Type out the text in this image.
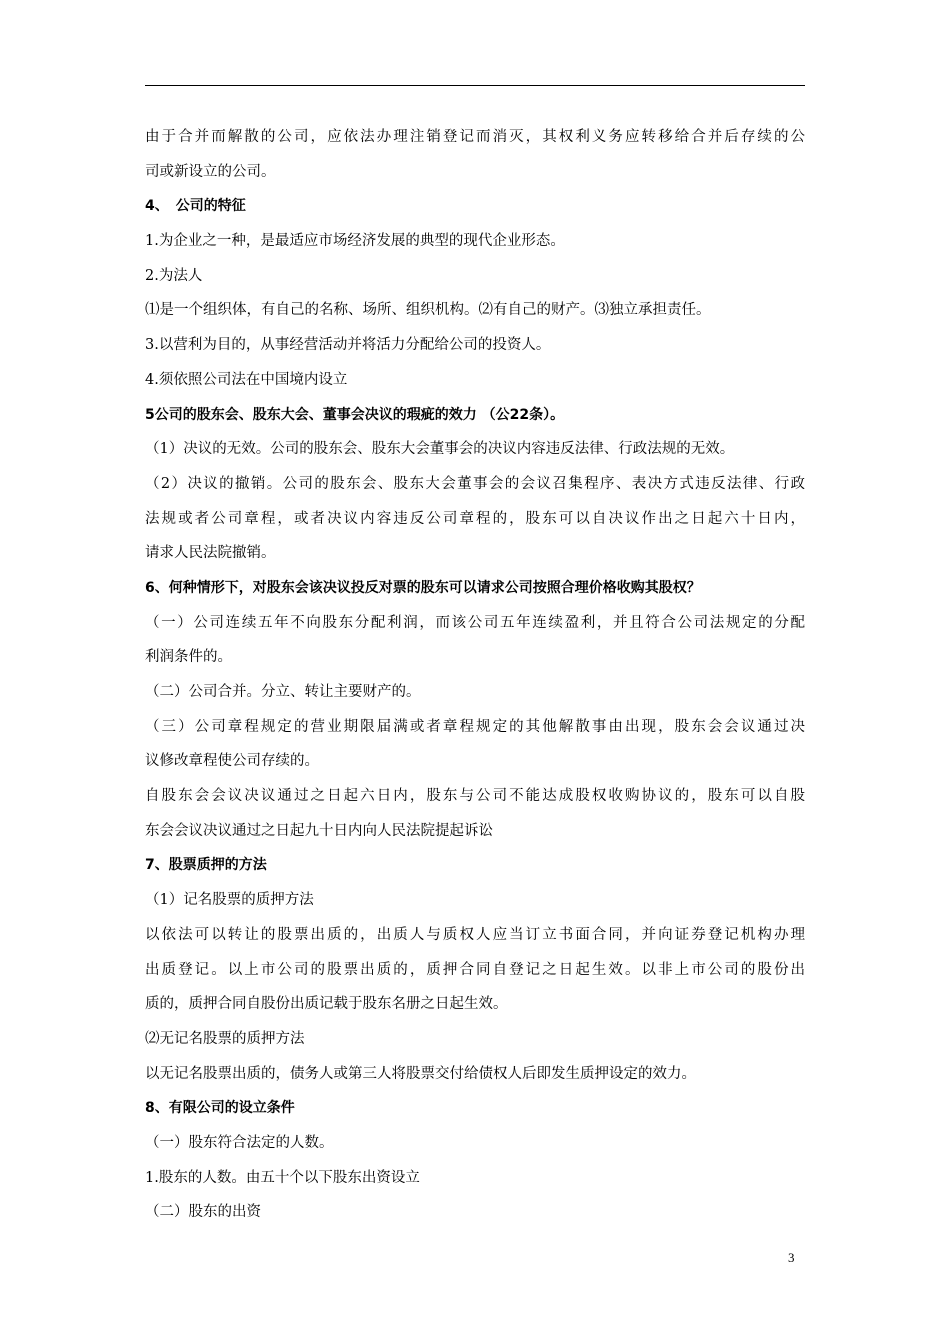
由于合并而解散的公司，应依法办理注销登记而消灭，其权利义务应转移给合并后存续的公
司或新设立的公司。
4、　公司的特征
1.为企业之一种，是最适应市场经济发展的典型的现代企业形态。
2.为法人
⑴是一个组织体，有自己的名称、场所、组织机构。⑵有自己的财产。⑶独立承担责任。
3.以营利为目的，从事经营活动并将活力分配给公司的投资人。
4.须依照公司法在中国境内设立
5公司的股东会、股东大会、董事会决议的瑕疵的效力 （公22条）。
（1）决议的无效。公司的股东会、股东大会董事会的决议内容违反法律、行政法规的无效。
（2）决议的撤销。公司的股东会、股东大会董事会的会议召集程序、表决方式违反法律、行政
法规或者公司章程，或者决议内容违反公司章程的，股东可以自决议作出之日起六十日内，
请求人民法院撤销。
6、何种情形下，对股东会该决议投反对票的股东可以请求公司按照合理价格收购其股权？
（一）公司连续五年不向股东分配利润，而该公司五年连续盈利，并且符合公司法规定的分配
利润条件的。
（二）公司合并。分立、转让主要财产的。
（三）公司章程规定的营业期限届满或者章程规定的其他解散事由出现，股东会会议通过决
议修改章程使公司存续的。
自股东会会议决议通过之日起六日内，股东与公司不能达成股权收购协议的，股东可以自股
东会会议决议通过之日起九十日内向人民法院提起诉讼
7、股票质押的方法
（1）记名股票的质押方法
以依法可以转让的股票出质的，出质人与质权人应当订立书面合同，并向证券登记机构办理
出质登记。以上市公司的股票出质的，质押合同自登记之日起生效。以非上市公司的股份出
质的，质押合同自股份出质记载于股东名册之日起生效。
⑵无记名股票的质押方法
以无记名股票出质的，债务人或第三人将股票交付给债权人后即发生质押设定的效力。
8、有限公司的设立条件
（一）股东符合法定的人数。
1.股东的人数。由五十个以下股东出资设立
（二）股东的出资
3
